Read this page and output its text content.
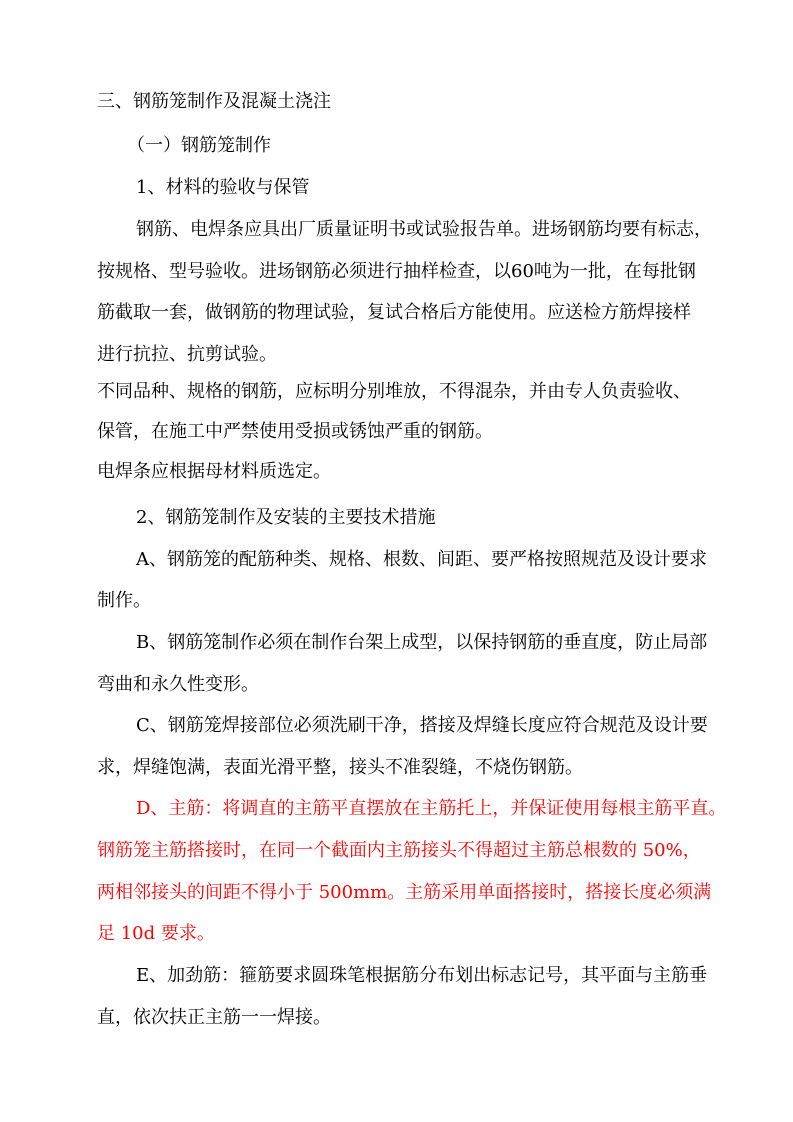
三、钢筋笼制作及混凝土浇注
（一）钢筋笼制作
1、材料的验收与保管
钢筋、电焊条应具出厂质量证明书或试验报告单。进场钢筋均要有标志，
按规格、型号验收。进场钢筋必须进行抽样检查，以60吨为一批，在每批钢
筋截取一套，做钢筋的物理试验，复试合格后方能使用。应送检方筋焊接样
进行抗拉、抗剪试验。
不同品种、规格的钢筋，应标明分别堆放，不得混杂，并由专人负责验收、
保管，在施工中严禁使用受损或锈蚀严重的钢筋。
电焊条应根据母材料质选定。
2、钢筋笼制作及安装的主要技术措施
A、钢筋笼的配筋种类、规格、根数、间距、要严格按照规范及设计要求
制作。
B、钢筋笼制作必须在制作台架上成型，以保持钢筋的垂直度，防止局部
弯曲和永久性变形。
C、钢筋笼焊接部位必须洗刷干净，搭接及焊缝长度应符合规范及设计要
求，焊缝饱满，表面光滑平整，接头不准裂缝，不烧伤钢筋。
D、主筋：将调直的主筋平直摆放在主筋托上，并保证使用每根主筋平直。
钢筋笼主筋搭接时，在同一个截面内主筋接头不得超过主筋总根数的 50%，
两相邻接头的间距不得小于 500mm。主筋采用单面搭接时，搭接长度必须满
足 10d 要求。
E、加劲筋：箍筋要求圆珠笔根据筋分布划出标志记号，其平面与主筋垂
直，依次扶正主筋一一焊接。
